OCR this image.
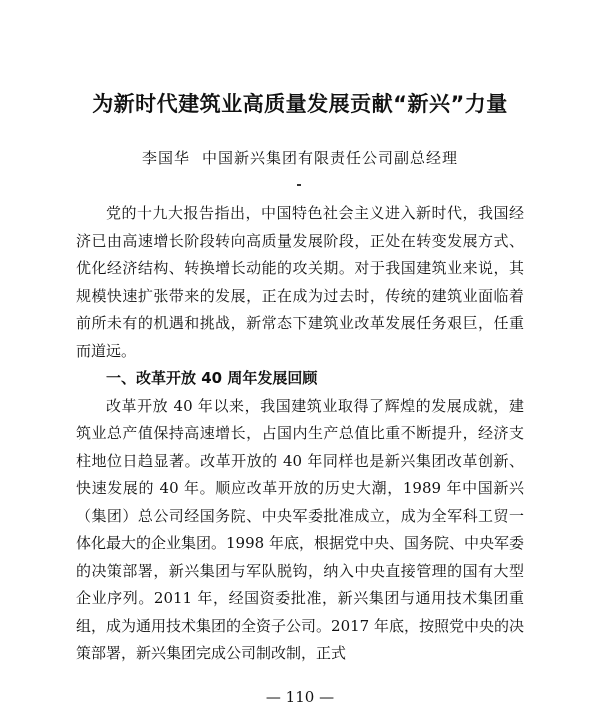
为新时代建筑业高质量发展贡献“新兴”力量
李国华 中国新兴集团有限责任公司副总经理

党的十九大报告指出，中国特色社会主义进入新时代，我国经济已由高速增长阶段转向高质量发展阶段，正处在转变发展方式、优化经济结构、转换增长动能的攻关期。对于我国建筑业来说，其规模快速扩张带来的发展，正在成为过去时，传统的建筑业面临着前所未有的机遇和挑战，新常态下建筑业改革发展任务艰巨，任重而道远。

一、改革开放 40 周年发展回顾

改革开放 40 年以来，我国建筑业取得了辉煌的发展成就，建筑业总产值保持高速增长，占国内生产总值比重不断提升，经济支柱地位日趋显著。改革开放的 40 年同样也是新兴集团改革创新、快速发展的 40 年。顺应改革开放的历史大潮，1989 年中国新兴（集团）总公司经国务院、中央军委批准成立，成为全军科工贸一体化最大的企业集团。1998 年底，根据党中央、国务院、中央军委的决策部署，新兴集团与军队脱钩，纳入中央直接管理的国有大型企业序列。2011 年，经国资委批准，新兴集团与通用技术集团重组，成为通用技术集团的全资子公司。2017 年底，按照党中央的决策部署，新兴集团完成公司制改制，正式

— 110 —
